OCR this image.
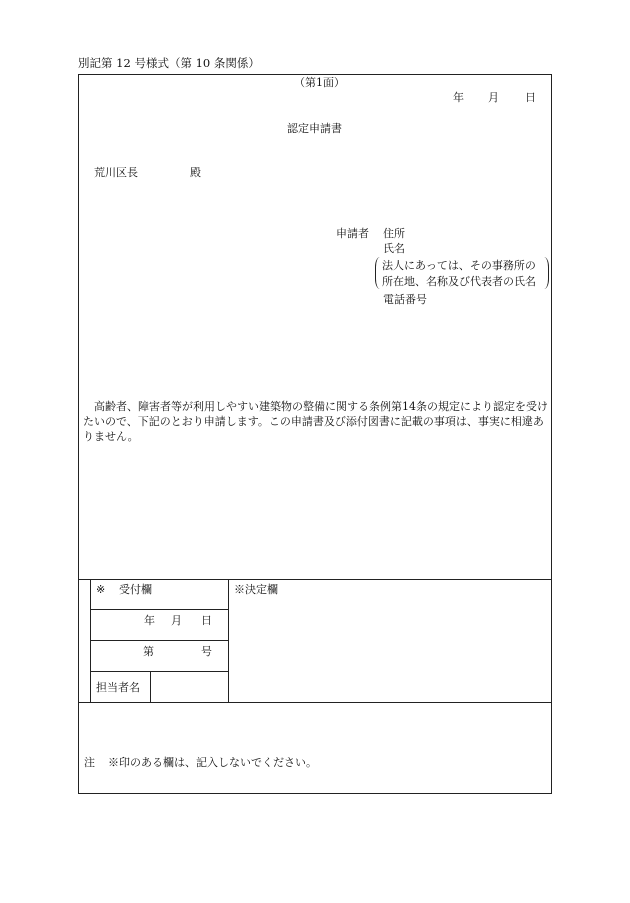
別記第 12 号様式（第 10 条関係）
（第1面）
年 月 日
認定申請書
荒川区長	殿
申請者 住所
氏名
法人にあっては、その事務所の
所在地、名称及び代表者の氏名
電話番号
高齢者、障害者等が利用しやすい建築物の整備に関する条例第14条の規定により認定を受けたいので、下記のとおり申請します。この申請書及び添付図書に記載の事項は、事実に相違ありません。
※ 受付欄
年 月 日
第	号
担当者名
※決定欄
注 ※印のある欄は、記入しないでください。
